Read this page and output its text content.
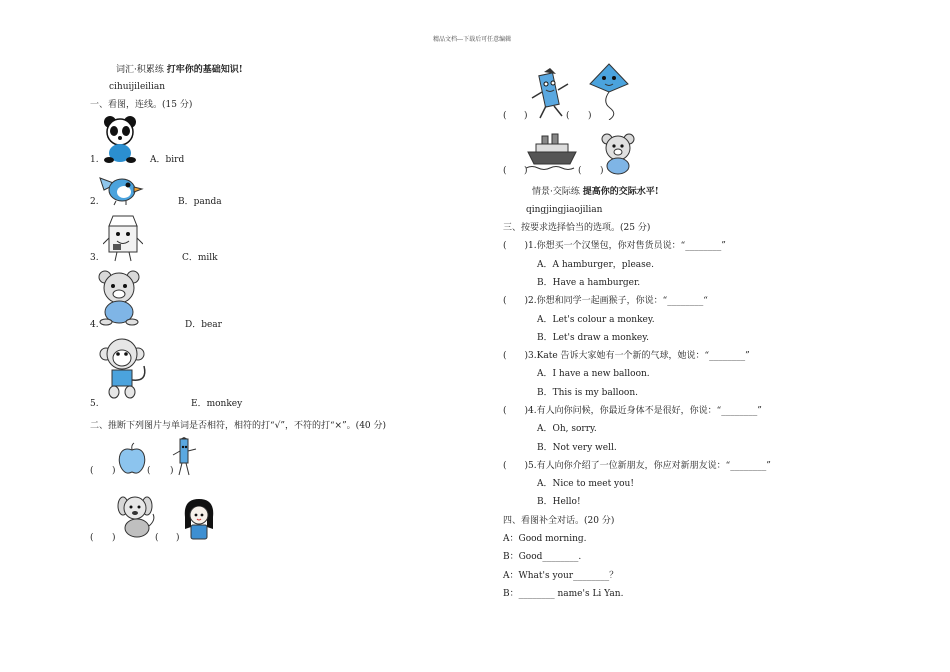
精品文档---下载后可任意编辑
词汇·积累练 打牢你的基础知识!
cihuijileilian
一、看图，连线。(15 分)
1.	A．bird
2.	B．panda
3.	C．milk
4.	D．bear
5.	E．monkey
二、推断下列图片与单词是否相符，相符的打“√”，不符的打“×”。(40 分)
( )	( )
( )	( )
( )	( )
( )	( )
情景·交际练 提高你的交际水平!
qingjingjiaojilian
三、按要求选择恰当的选项。(25 分)
(　　)1.你想买一个汉堡包，你对售货员说：“________”
A．A hamburger，please.
B．Have a hamburger.
(　　)2.你想和同学一起画猴子，你说：“________“
A．Let's colour a monkey.
B．Let's draw a monkey.
(　　)3.Kate 告诉大家她有一个新的气球，她说：“________”
A．I have a new balloon.
B．This is my balloon.
(　　)4.有人向你问候，你最近身体不是很好，你说：“________”
A．Oh, sorry.
B．Not very well.
(　　)5.有人向你介绍了一位新朋友，你应对新朋友说：“________”
A．Nice to meet you!
B．Hello!
四、看图补全对话。(20 分)
A：Good morning.
B：Good________.
A：What's your________？
B：________ name's Li Yan.
